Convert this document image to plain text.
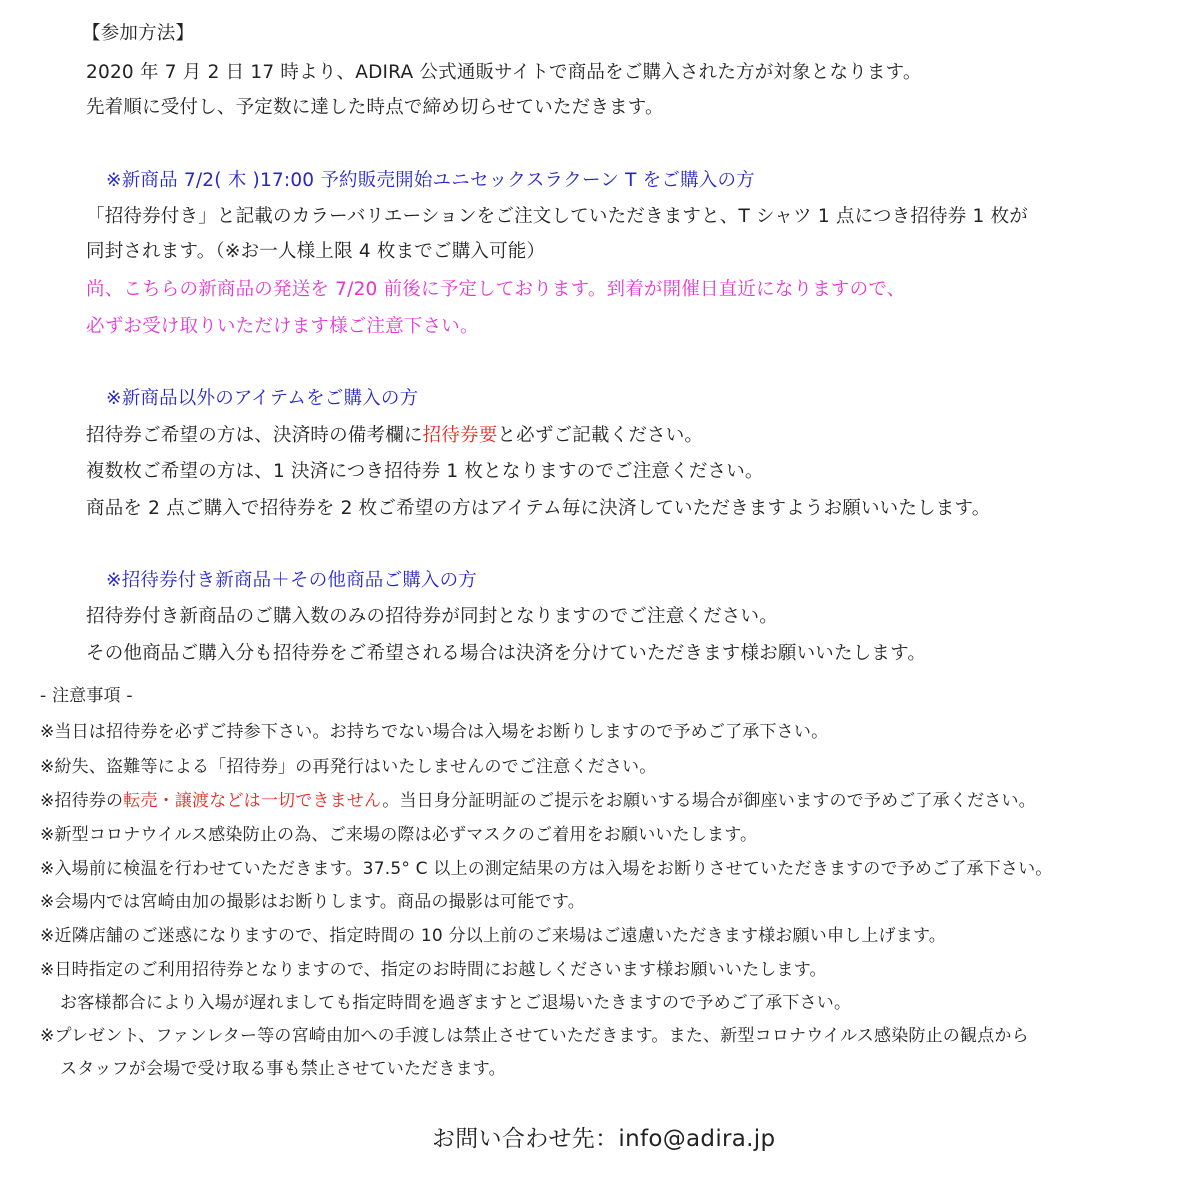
【参加方法】
2020 年 7 月 2 日 17 時より、ADIRA 公式通販サイトで商品をご購入された方が対象となります。
先着順に受付し、予定数に達した時点で締め切らせていただきます。
※新商品 7/2( 木 )17:00 予約販売開始ユニセックスラクーン T をご購入の方
「招待券付き」と記載のカラーバリエーションをご注文していただきますと、T シャツ 1 点につき招待券 1 枚が
同封されます。（※お一人様上限 4 枚までご購入可能）
尚、こちらの新商品の発送を 7/20 前後に予定しております。到着が開催日直近になりますので、
必ずお受け取りいただけます様ご注意下さい。
※新商品以外のアイテムをご購入の方
招待券ご希望の方は、決済時の備考欄に招待券要と必ずご記載ください。
複数枚ご希望の方は、1 決済につき招待券 1 枚となりますのでご注意ください。
商品を 2 点ご購入で招待券を 2 枚ご希望の方はアイテム毎に決済していただきますようお願いいたします。
※招待券付き新商品＋その他商品ご購入の方
招待券付き新商品のご購入数のみの招待券が同封となりますのでご注意ください。
その他商品ご購入分も招待券をご希望される場合は決済を分けていただきます様お願いいたします。
- 注意事項 -
※当日は招待券を必ずご持参下さい。お持ちでない場合は入場をお断りしますので予めご了承下さい。
※紛失、盗難等による「招待券」の再発行はいたしませんのでご注意ください。
※招待券の転売・譲渡などは一切できません。当日身分証明証のご提示をお願いする場合が御座いますので予めご了承ください。
※新型コロナウイルス感染防止の為、ご来場の際は必ずマスクのご着用をお願いいたします。
※入場前に検温を行わせていただきます。37.5° C 以上の測定結果の方は入場をお断りさせていただきますので予めご了承下さい。
※会場内では宮崎由加の撮影はお断りします。商品の撮影は可能です。
※近隣店舗のご迷惑になりますので、指定時間の 10 分以上前のご来場はご遠慮いただきます様お願い申し上げます。
※日時指定のご利用招待券となりますので、指定のお時間にお越しくださいます様お願いいたします。
お客様都合により入場が遅れましても指定時間を過ぎますとご退場いたきますので予めご了承下さい。
※プレゼント、ファンレター等の宮崎由加への手渡しは禁止させていただきます。また、新型コロナウイルス感染防止の観点から
スタッフが会場で受け取る事も禁止させていただきます。
お問い合わせ先：info@adira.jp
